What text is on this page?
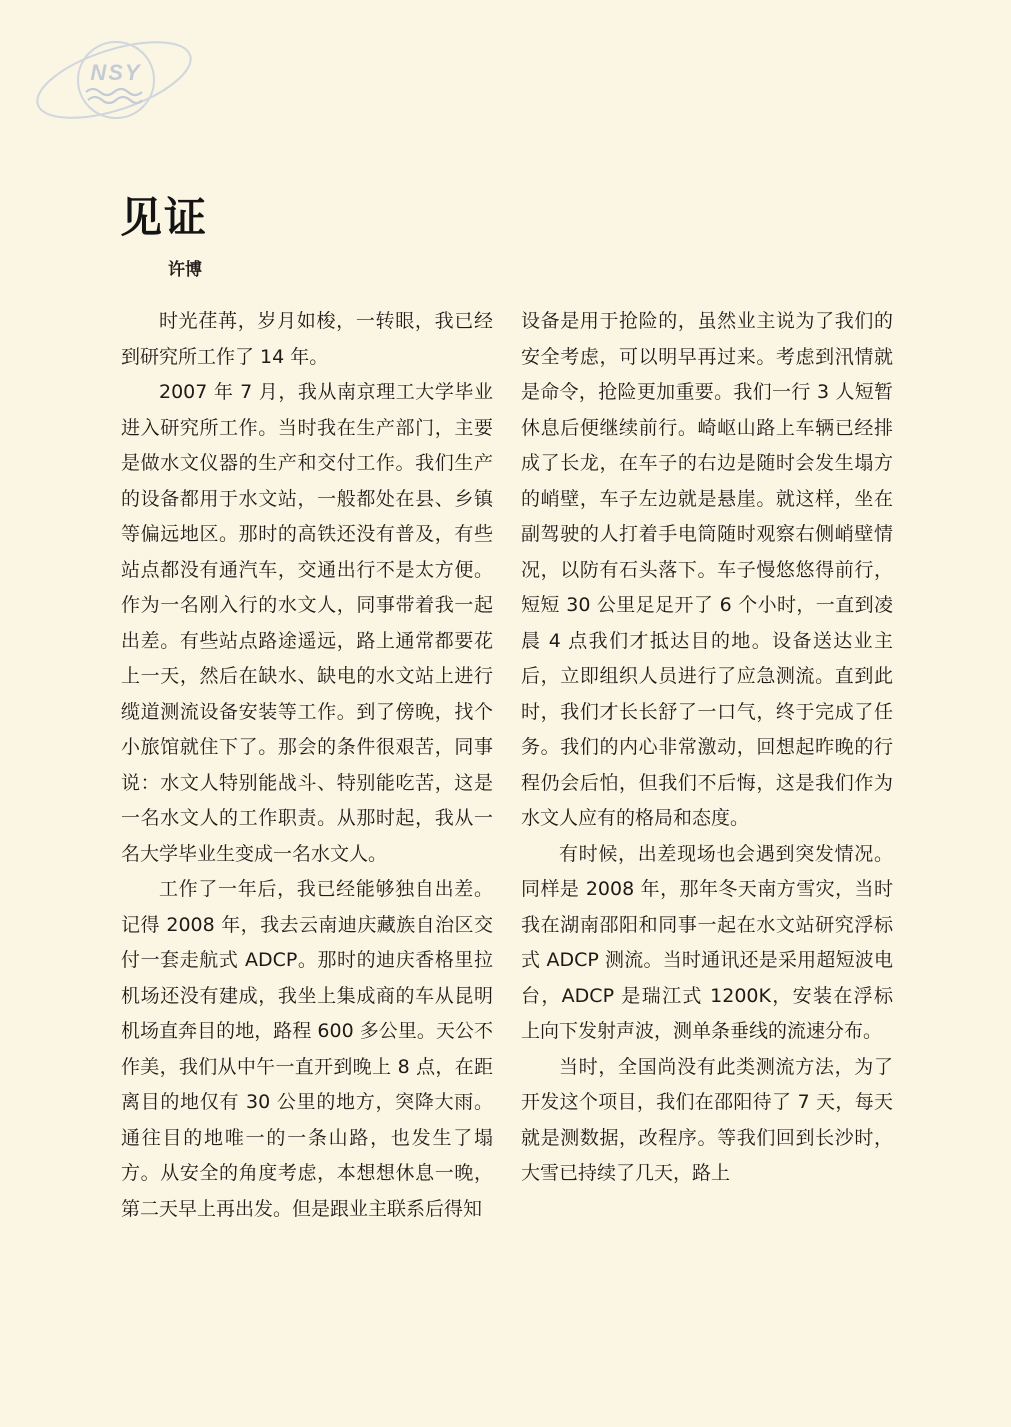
NSY
见证
许博

时光荏苒，岁月如梭，一转眼，我已经到研究所工作了 14 年。

2007 年 7 月，我从南京理工大学毕业进入研究所工作。当时我在生产部门，主要是做水文仪器的生产和交付工作。我们生产的设备都用于水文站，一般都处在县、乡镇等偏远地区。那时的高铁还没有普及，有些站点都没有通汽车，交通出行不是太方便。作为一名刚入行的水文人，同事带着我一起出差。有些站点路途遥远，路上通常都要花上一天，然后在缺水、缺电的水文站上进行缆道测流设备安装等工作。到了傍晚，找个小旅馆就住下了。那会的条件很艰苦，同事说：水文人特别能战斗、特别能吃苦，这是一名水文人的工作职责。从那时起，我从一名大学毕业生变成一名水文人。

工作了一年后，我已经能够独自出差。记得 2008 年，我去云南迪庆藏族自治区交付一套走航式 ADCP。那时的迪庆香格里拉机场还没有建成，我坐上集成商的车从昆明机场直奔目的地，路程 600 多公里。天公不作美，我们从中午一直开到晚上 8 点，在距离目的地仅有 30 公里的地方，突降大雨。通往目的地唯一的一条山路，也发生了塌方。从安全的角度考虑，本想想休息一晚，第二天早上再出发。但是跟业主联系后得知

设备是用于抢险的，虽然业主说为了我们的安全考虑，可以明早再过来。考虑到汛情就是命令，抢险更加重要。我们一行 3 人短暂休息后便继续前行。崎岖山路上车辆已经排成了长龙，在车子的右边是随时会发生塌方的峭壁，车子左边就是悬崖。就这样，坐在副驾驶的人打着手电筒随时观察右侧峭壁情况，以防有石头落下。车子慢悠悠得前行，短短 30 公里足足开了 6 个小时，一直到凌晨 4 点我们才抵达目的地。设备送达业主后，立即组织人员进行了应急测流。直到此时，我们才长长舒了一口气，终于完成了任务。我们的内心非常激动，回想起昨晚的行程仍会后怕，但我们不后悔，这是我们作为水文人应有的格局和态度。

有时候，出差现场也会遇到突发情况。同样是 2008 年，那年冬天南方雪灾，当时我在湖南邵阳和同事一起在水文站研究浮标式 ADCP 测流。当时通讯还是采用超短波电台，ADCP 是瑞江式 1200K，安装在浮标上向下发射声波，测单条垂线的流速分布。

当时，全国尚没有此类测流方法，为了开发这个项目，我们在邵阳待了 7 天，每天就是测数据，改程序。等我们回到长沙时，大雪已持续了几天，路上
